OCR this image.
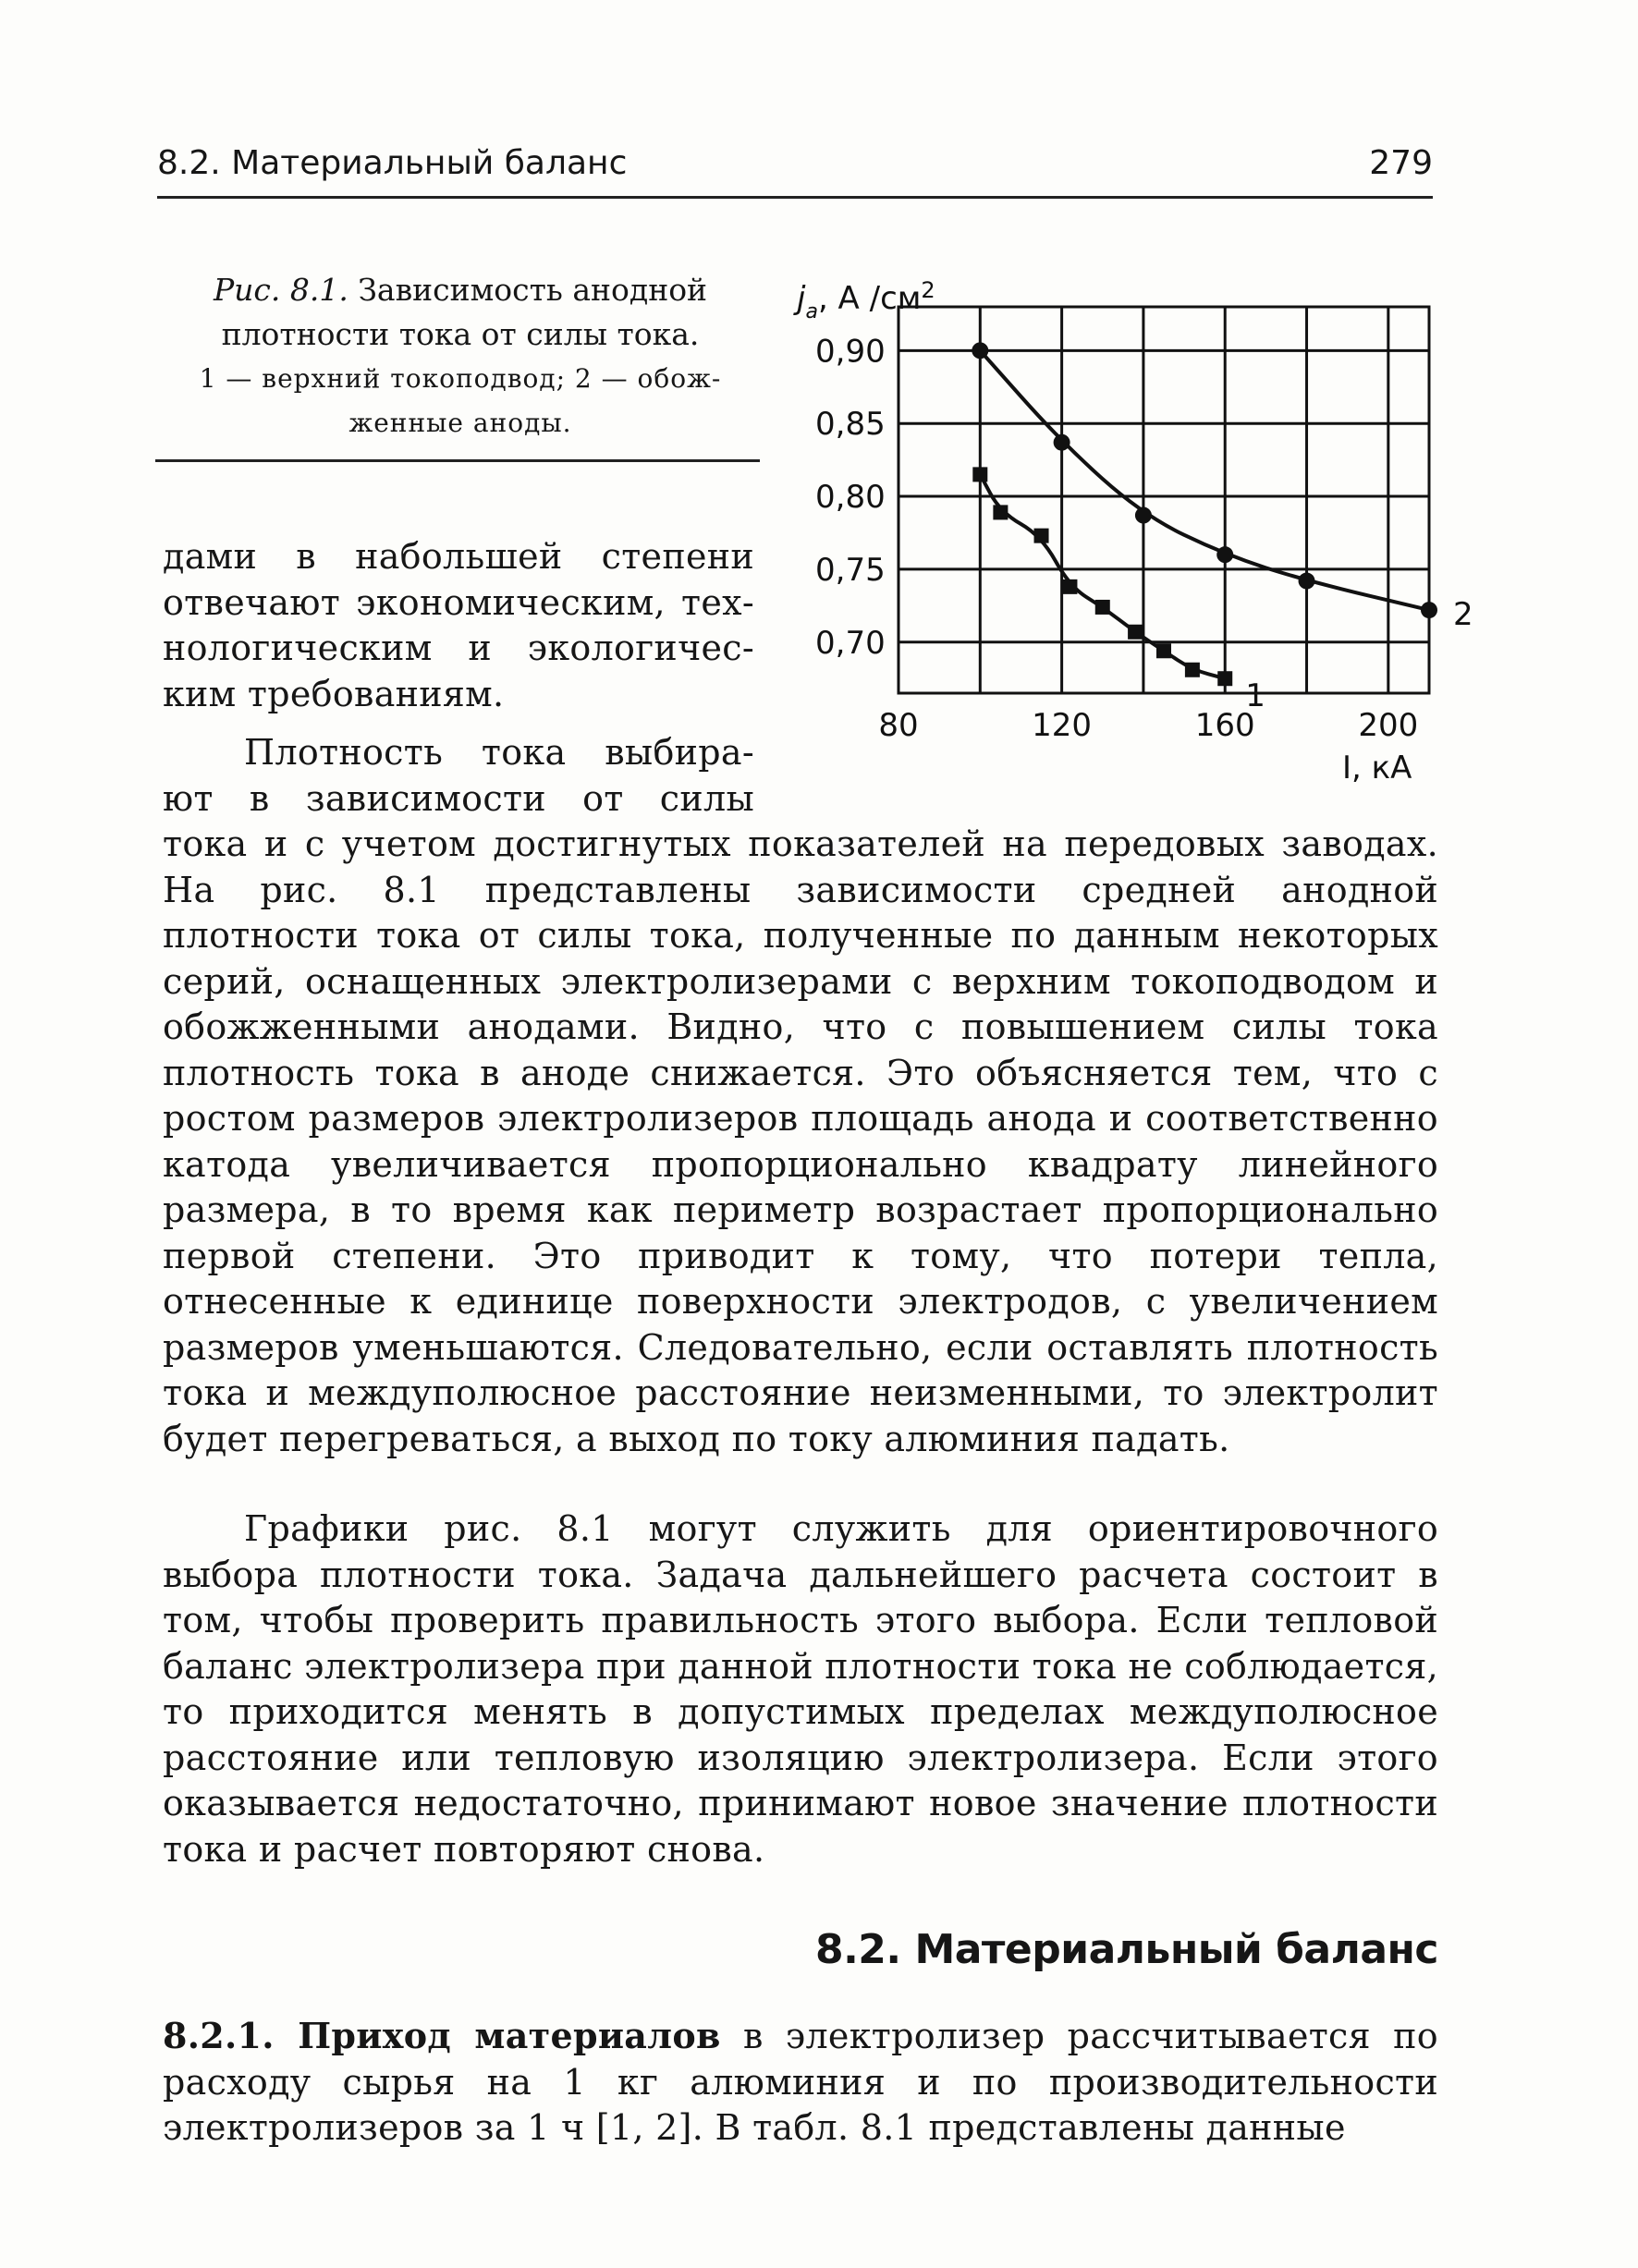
8.2. Материальный баланс	279
Рис. 8.1. Зависимость анодной
плотности тока от силы тока.
1 — верхний токоподвод; 2 — обож-
женные аноды.
0,90
0,85
0,80
0,75
0,70
80	120	160	200
1
2
$j_a$, А $/см^2$
I, кА
дами в набольшей степени
отвечают экономическим, тех-
нологическим и экологичес-
ким требованиям.
Плотность тока выбира-
ют в зависимости от силы
тока и с учетом достигнутых показателей на передовых заводах. На рис. 8.1 представлены зависимости средней анодной плотности тока от силы тока, полученные по данным некоторых серий, оснащенных электролизерами с верхним токоподводом и обожженными анодами. Видно, что с повышением силы тока плотность тока в аноде снижается. Это объясняется тем, что с ростом размеров электролизеров площадь анода и соответственно катода увеличивается пропорционально квадрату линейного размера, в то время как периметр возрастает пропорционально первой степени. Это приводит к тому, что потери тепла, отнесенные к единице поверхности электродов, с увеличением размеров уменьшаются. Следовательно, если оставлять плотность тока и междуполюсное расстояние неизменными, то электролит будет перегреваться, а выход по току алюминия падать.
Графики рис. 8.1 могут служить для ориентировочного выбора плотности тока. Задача дальнейшего расчета состоит в том, чтобы проверить правильность этого выбора. Если тепловой баланс электролизера при данной плотности тока не соблюдается, то приходится менять в допустимых пределах междуполюсное расстояние или тепловую изоляцию электролизера. Если этого оказывается недостаточно, принимают новое значение плотности тока и расчет повторяют снова.
8.2. Материальный баланс
8.2.1. Приход материалов в электролизер рассчитывается по расходу сырья на 1 кг алюминия и по производительности электролизеров за 1 ч [1, 2]. В табл. 8.1 представлены данные
